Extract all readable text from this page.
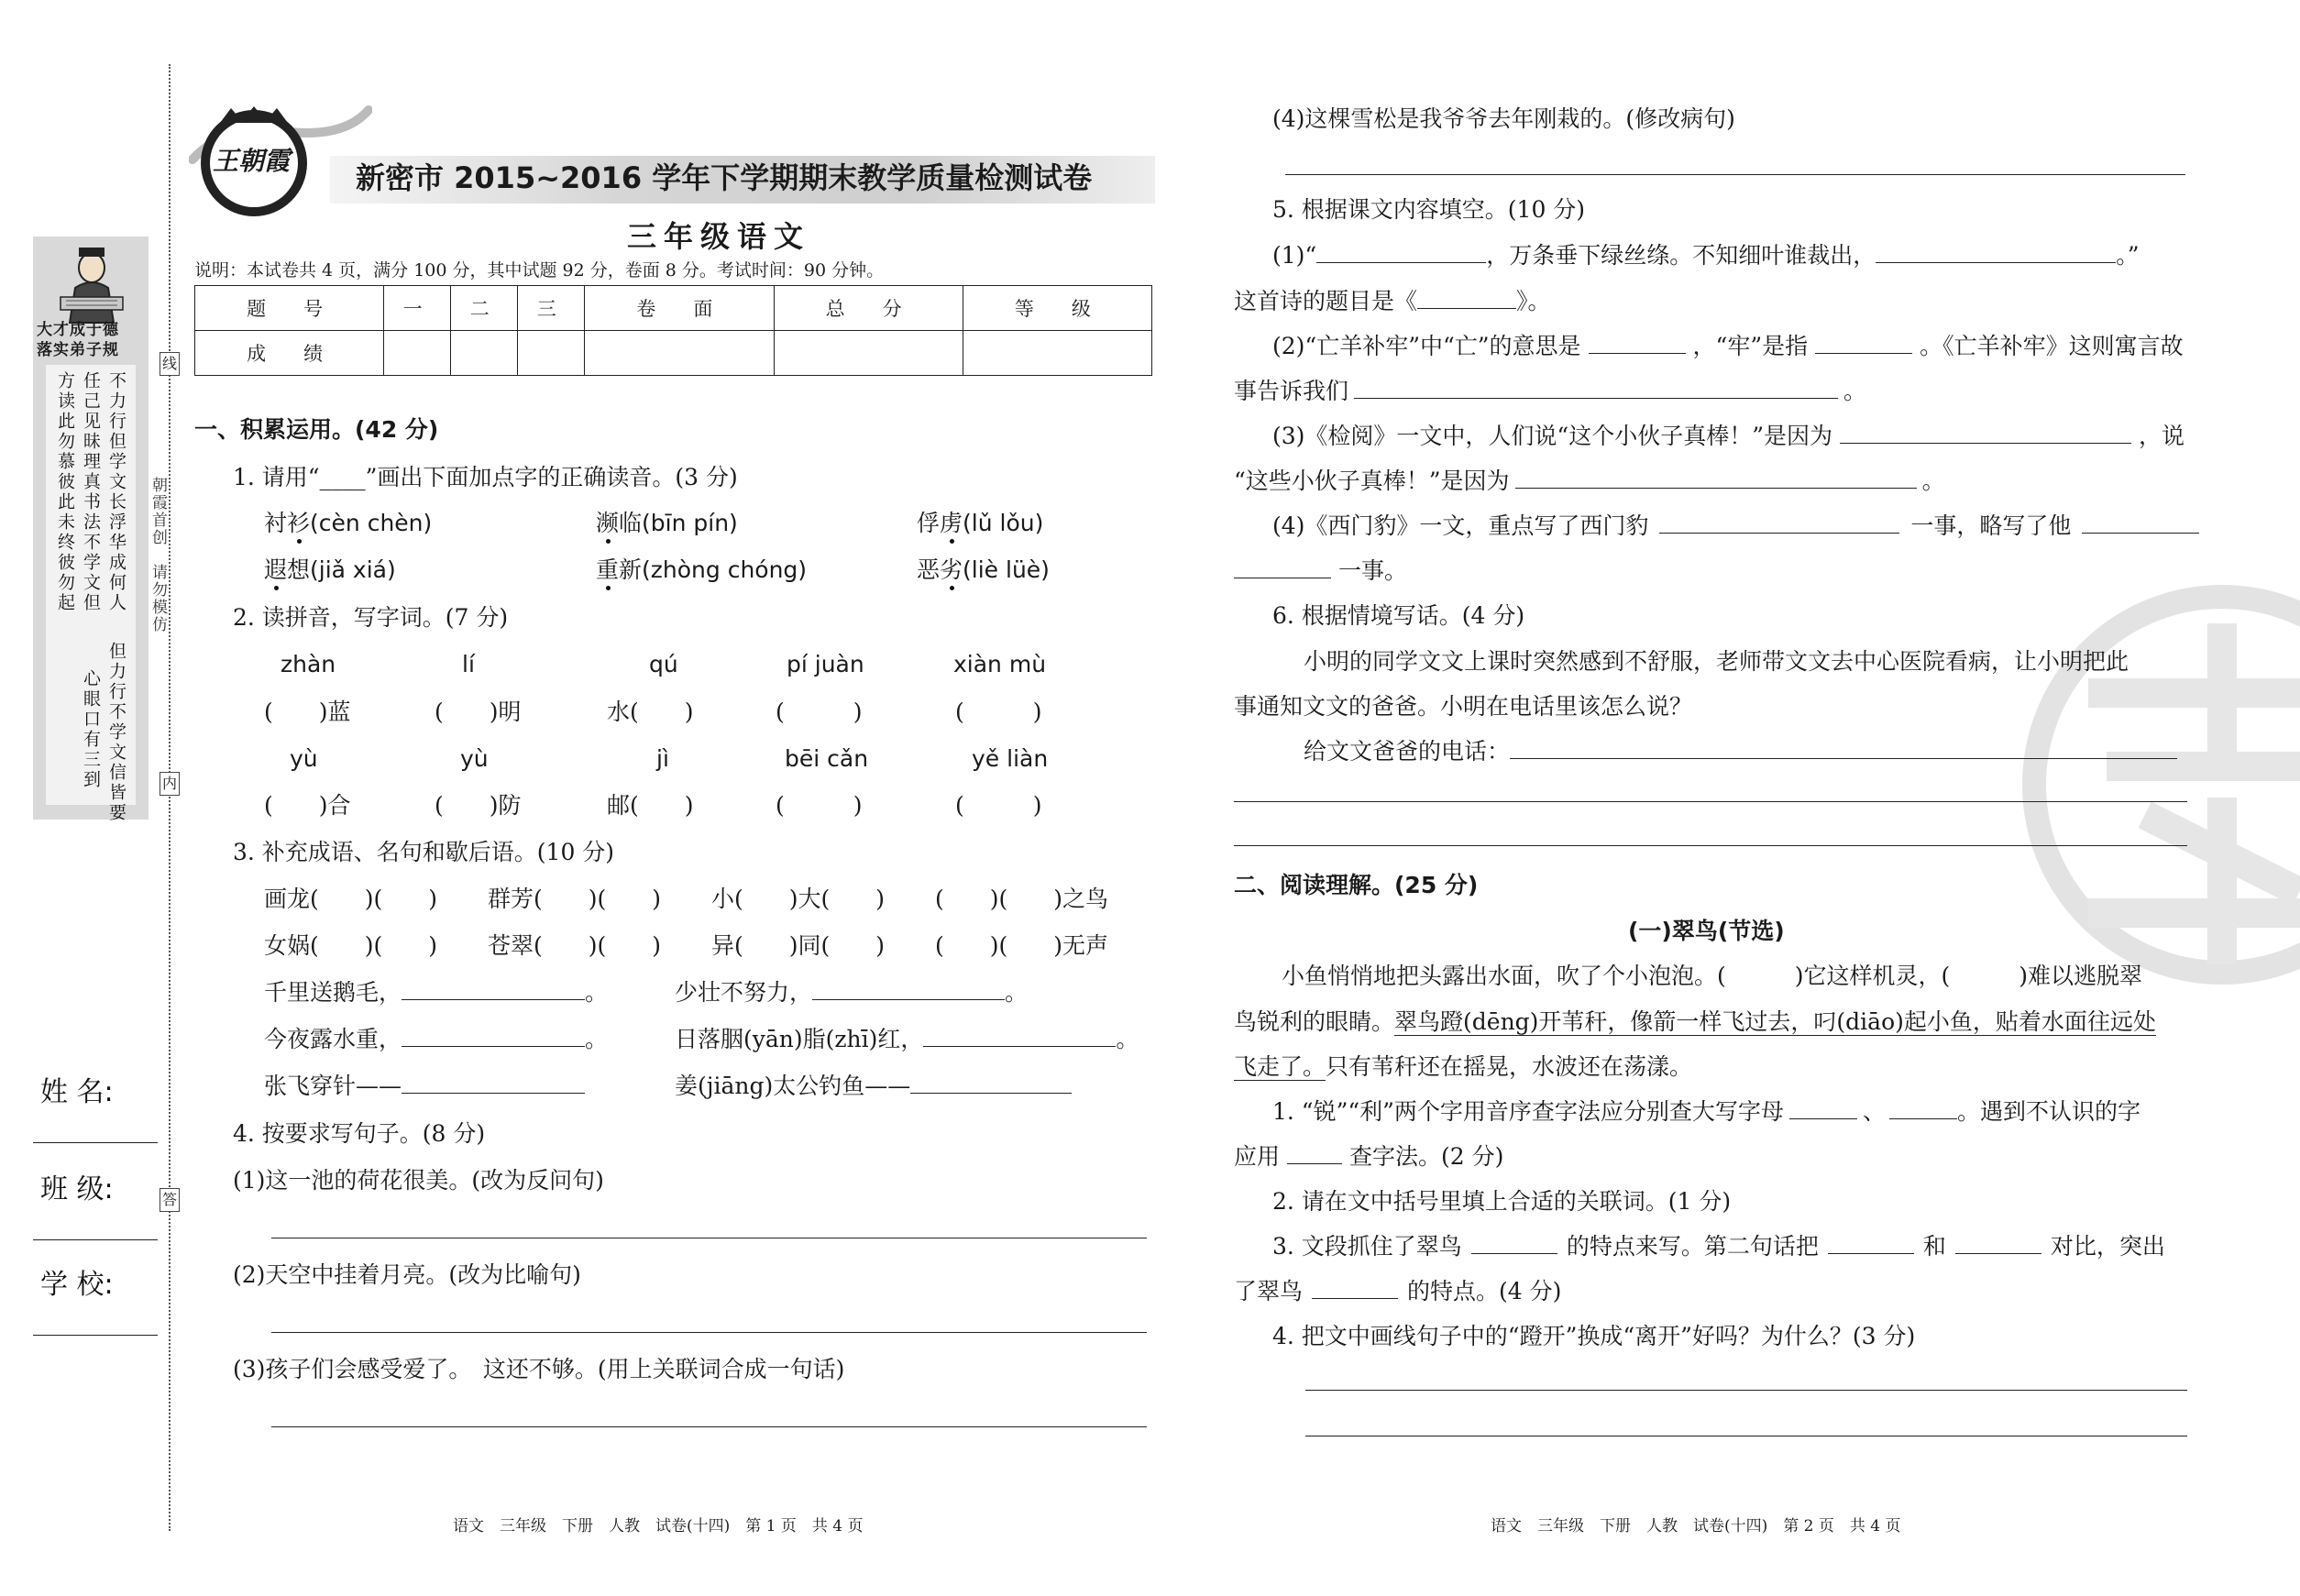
大才成于德
落实弟子规
不力行但学文长浮华成何人
任己见昧理真书法不学文但
方读此勿慕彼此未终彼勿起
但力行不学文信皆要
心眼口有三到
朝霞首创　请勿模仿
线
内
答
姓 名:
班 级:
学 校:
王朝霞 新密市 2015~2016 学年下学期期末教学质量检测试卷
三年级语文
说明：本试卷共 4 页，满分 100 分，其中试题 92 分，卷面 8 分。考试时间：90 分钟。
题　号	一	二	三	卷　面	总　分	等　级
成　绩						
一、积累运用。(42 分)
1. 请用“____”画出下面加点字的正确读音。(3 分)
衬衫(cèn chèn)	濒临(bīn pín)	俘虏(lǔ lǒu)
遐想(jiǎ xiá)	重新(zhòng chóng)	恶劣(liè lüè)
2. 读拼音，写字词。(7 分)
zhàn	lí	qú	pí juàn	xiàn mù
(　　)蓝	(　　)明	水(　　)	(　　　)	(　　　)
yù	yù	jì	bēi cǎn	yě liàn
(　　)合	(　　)防	邮(　　)	(　　　)	(　　　)
3. 补充成语、名句和歇后语。(10 分)
画龙(　　)(　　) 群芳(　　)(　　) 小(　　)大(　　) (　　)(　　)之鸟
女娲(　　)(　　) 苍翠(　　)(　　) 异(　　)同(　　) (　　)(　　)无声
千里送鹅毛，	。	少壮不努力，	。
今夜露水重，	。	日落胭(yān)脂(zhī)红，	。
张飞穿针——	姜(jiāng)太公钓鱼——
4. 按要求写句子。(8 分)
(1)这一池的荷花很美。(改为反问句)
(2)天空中挂着月亮。(改为比喻句)
(3)孩子们会感受爱了。　这还不够。(用上关联词合成一句话)
语文　三年级　下册　人教　试卷(十四)　第 1 页　共 4 页
(4)这棵雪松是我爷爷去年刚栽的。(修改病句)
5. 根据课文内容填空。(10 分)
(1)“	，万条垂下绿丝绦。不知细叶谁裁出，	。”
这首诗的题目是《	》。
(2)“亡羊补牢”中“亡”的意思是	，“牢”是指	。《亡羊补牢》这则寓言故
事告诉我们	。
(3)《检阅》一文中，人们说“这个小伙子真棒！”是因为	，说
“这些小伙子真棒！”是因为	。
(4)《西门豹》一文，重点写了西门豹	一事，略写了他
一事。
6. 根据情境写话。(4 分)
小明的同学文文上课时突然感到不舒服，老师带文文去中心医院看病，让小明把此
事通知文文的爸爸。小明在电话里该怎么说？
给文文爸爸的电话：
二、阅读理解。(25 分)
(一)翠鸟(节选)
小鱼悄悄地把头露出水面，吹了个小泡泡。(　　　)它这样机灵，(　　　)难以逃脱翠
鸟锐利的眼睛。翠鸟蹬(dēng)开苇秆，像箭一样飞过去，叼(diāo)起小鱼，贴着水面往远处
飞走了。只有苇秆还在摇晃，水波还在荡漾。
1. “锐”“利”两个字用音序查字法应分别查大写字母	、	。遇到不认识的字
应用	查字法。(2 分)
2. 请在文中括号里填上合适的关联词。(1 分)
3. 文段抓住了翠鸟	的特点来写。第二句话把	和	对比，突出
了翠鸟	的特点。(4 分)
4. 把文中画线句子中的“蹬开”换成“离开”好吗？为什么？(3 分)
语文　三年级　下册　人教　试卷(十四)　第 2 页　共 4 页
